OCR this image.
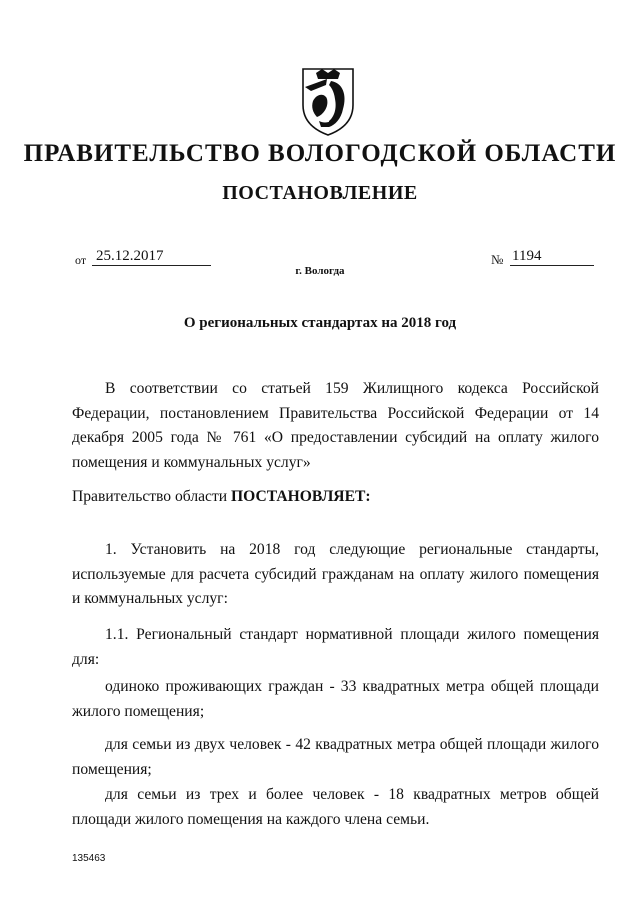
ПРАВИТЕЛЬСТВО ВОЛОГОДСКОЙ ОБЛАСТИ
ПОСТАНОВЛЕНИЕ
от 25.12.2017	№ 1194
г. Вологда
О региональных стандартах на 2018 год

В соответствии со статьей 159 Жилищного кодекса Российской Федерации, постановлением Правительства Российской Федерации от 14 декабря 2005 года № 761 «О предоставлении субсидий на оплату жилого помещения и коммунальных услуг»

Правительство области ПОСТАНОВЛЯЕТ:

1. Установить на 2018 год следующие региональные стандарты, используемые для расчета субсидий гражданам на оплату жилого помещения и коммунальных услуг:

1.1. Региональный стандарт нормативной площади жилого помещения для:

одиноко проживающих граждан - 33 квадратных метра общей площади жилого помещения;

для семьи из двух человек - 42 квадратных метра общей площади жилого помещения;

для семьи из трех и более человек - 18 квадратных метров общей площади жилого помещения на каждого члена семьи.

135463
